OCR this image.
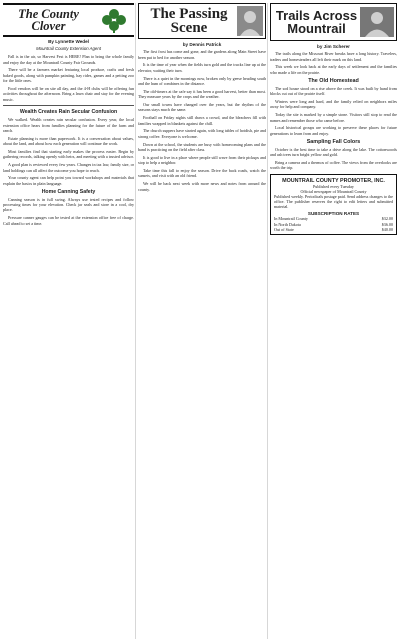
The County Clover
By Lynnette Wedel
Mountrail County Extension Agent

Fall is in the air, so Harvest Fest is HERE! Plan to bring the whole family and enjoy the day at the Mountrail County Fair Grounds.

There will be a farmers market featuring local produce, crafts and fresh baked goods, along with pumpkin painting, hay rides, games and a petting zoo for the little ones.

Food vendors will be on site all day, and the 4-H clubs will be offering fun activities throughout the afternoon. Bring a lawn chair and stay for the evening music.

Wealth Creates Rain Secular Confusion

We walked. Wealth creates rain secular confusion. Every year, the local extension office hears from families planning for the future of the farm and ranch.

Estate planning is more than paperwork. It is a conversation about values, about the land, and about how each generation will continue the work.

Most families find that starting early makes the process easier. Begin by gathering records, talking openly with heirs, and meeting with a trusted advisor.

A good plan is reviewed every few years. Changes in tax law, family size, or land holdings can all affect the outcome you hope to reach.

Your county agent can help point you toward workshops and materials that explain the basics in plain language.

Home Canning Safety

Canning season is in full swing. Always use tested recipes and follow processing times for your elevation. Check jar seals and store in a cool, dry place.

Pressure canner gauges can be tested at the extension office free of charge. Call ahead to set a time.

The Passing Scene
by Dennis Patrick

The first frost has come and gone, and the gardens along Main Street have been put to bed for another season.

It is the time of year when the fields turn gold and the trucks line up at the elevator, waiting their turn.

There is a quiet in the mornings now, broken only by geese heading south and the hum of combines in the distance.

The old-timers at the cafe say it has been a good harvest, better than most. They measure years by the crops and the weather.

Our small towns have changed over the years, but the rhythm of the seasons stays much the same.

Football on Friday nights still draws a crowd, and the bleachers fill with families wrapped in blankets against the chill.

The church suppers have started again, with long tables of hotdish, pie and strong coffee. Everyone is welcome.

Down at the school, the students are busy with homecoming plans and the band is practicing on the field after class.

It is good to live in a place where people still wave from their pickups and stop to help a neighbor.

Take time this fall to enjoy the season. Drive the back roads, watch the sunsets, and visit with an old friend.

We will be back next week with more news and notes from around the county.

Trails Across Mountrail
by Jim Scherer

The trails along the Missouri River breaks have a long history. Travelers, traders and homesteaders all left their mark on this land.

This week we look back at the early days of settlement and the families who made a life on the prairie.

The Old Homestead

The sod house stood on a rise above the creek. It was built by hand from blocks cut out of the prairie itself.

Winters were long and hard, and the family relied on neighbors miles away for help and company.

Today the site is marked by a simple stone. Visitors still stop to read the names and remember those who came before.

Local historical groups are working to preserve these places for future generations to learn from and enjoy.

Sampling Fall Colors

October is the best time to take a drive along the lake. The cottonwoods and ash trees turn bright yellow and gold.

Bring a camera and a thermos of coffee. The views from the overlooks are worth the trip.

MOUNTRAIL COUNTY PROMOTER, INC.
Published every Tuesday
Official newspaper of Mountrail County
Published weekly. Periodicals postage paid. Send address changes to the office. The publisher reserves the right to edit letters and submitted material.
SUBSCRIPTION RATES
In Mountrail County	$32.00
In North Dakota	$36.00
Out of State	$40.00
